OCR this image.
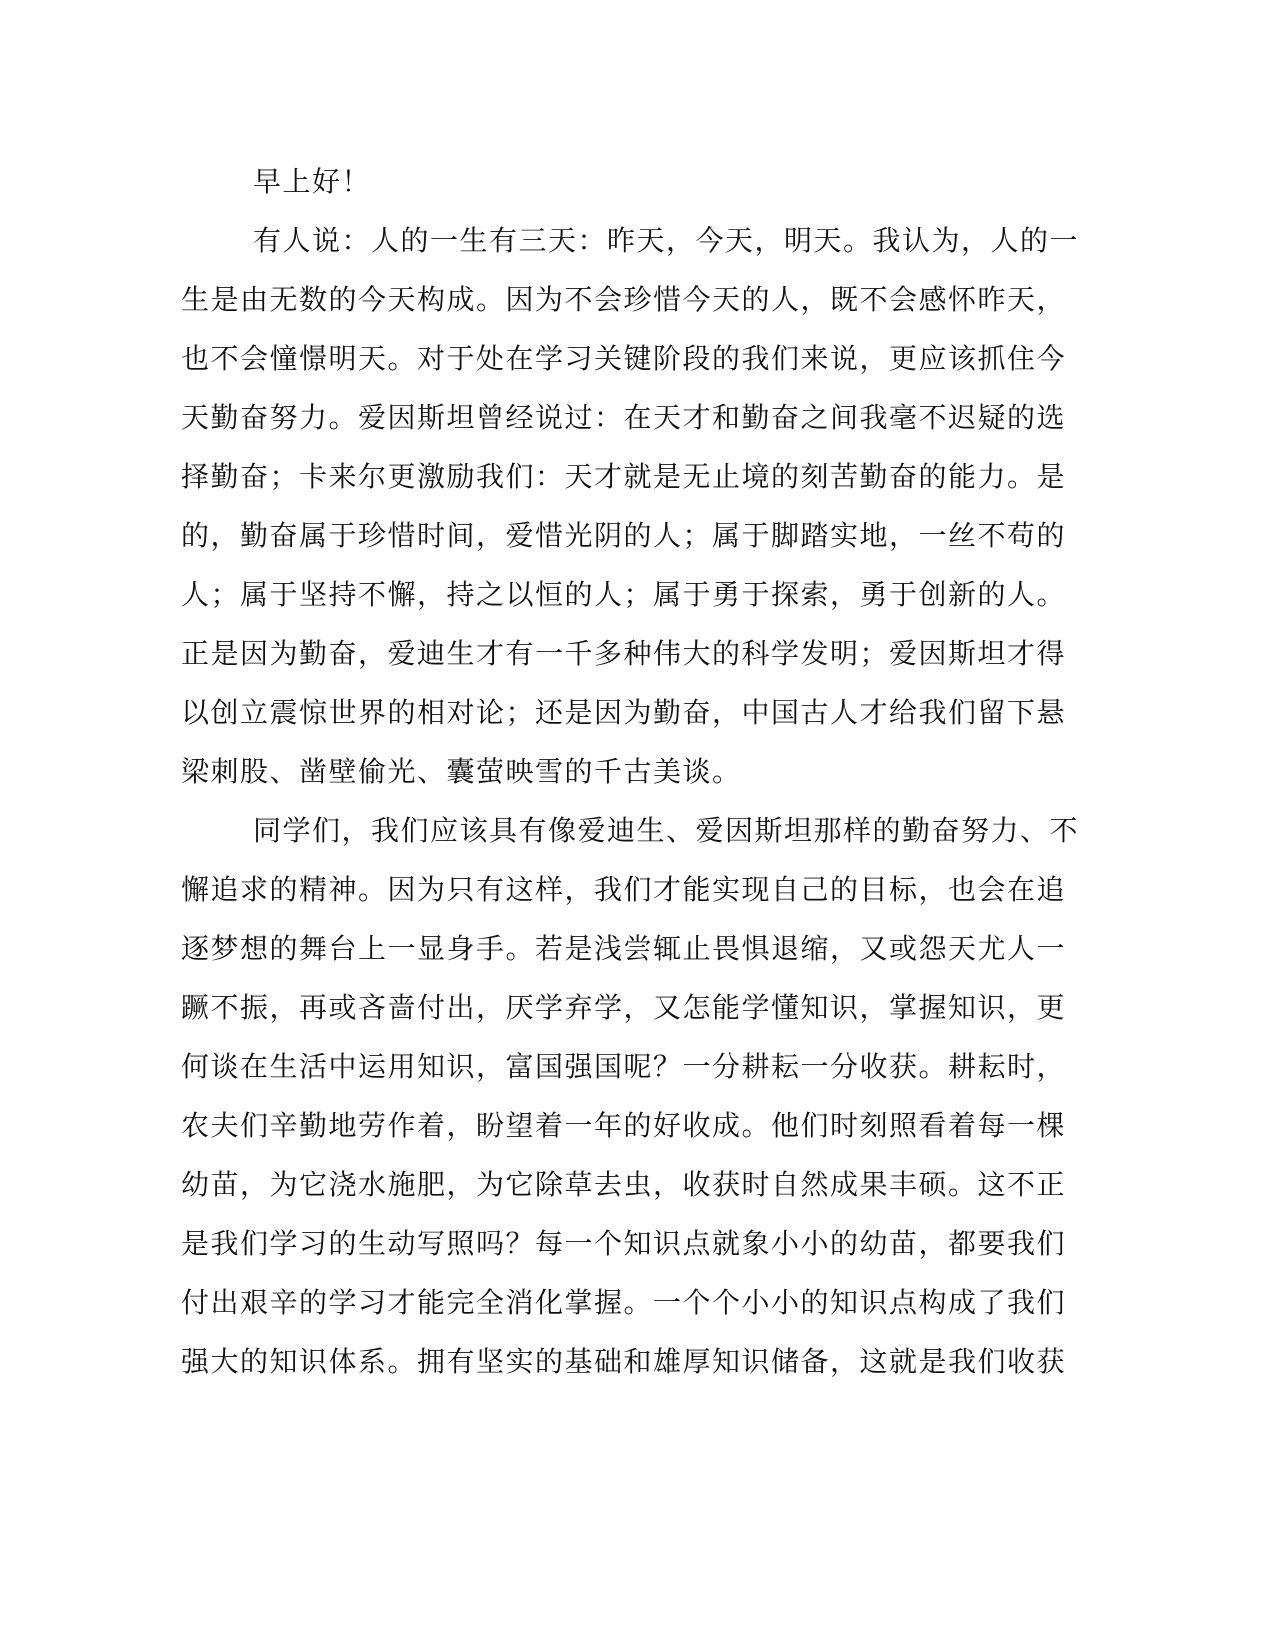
早上好！
有人说：人的一生有三天：昨天，今天，明天。我认为，人的一
生是由无数的今天构成。因为不会珍惜今天的人，既不会感怀昨天，
也不会憧憬明天。对于处在学习关键阶段的我们来说，更应该抓住今
天勤奋努力。爱因斯坦曾经说过：在天才和勤奋之间我毫不迟疑的选
择勤奋；卡来尔更激励我们：天才就是无止境的刻苦勤奋的能力。是
的，勤奋属于珍惜时间，爱惜光阴的人；属于脚踏实地，一丝不苟的
人；属于坚持不懈，持之以恒的人；属于勇于探索，勇于创新的人。
正是因为勤奋，爱迪生才有一千多种伟大的科学发明；爱因斯坦才得
以创立震惊世界的相对论；还是因为勤奋，中国古人才给我们留下悬
梁刺股、凿壁偷光、囊萤映雪的千古美谈。
同学们，我们应该具有像爱迪生、爱因斯坦那样的勤奋努力、不
懈追求的精神。因为只有这样，我们才能实现自己的目标，也会在追
逐梦想的舞台上一显身手。若是浅尝辄止畏惧退缩，又或怨天尤人一
蹶不振，再或吝啬付出，厌学弃学，又怎能学懂知识，掌握知识，更
何谈在生活中运用知识，富国强国呢？一分耕耘一分收获。耕耘时，
农夫们辛勤地劳作着，盼望着一年的好收成。他们时刻照看着每一棵
幼苗，为它浇水施肥，为它除草去虫，收获时自然成果丰硕。这不正
是我们学习的生动写照吗？每一个知识点就象小小的幼苗，都要我们
付出艰辛的学习才能完全消化掌握。一个个小小的知识点构成了我们
强大的知识体系。拥有坚实的基础和雄厚知识储备，这就是我们收获
